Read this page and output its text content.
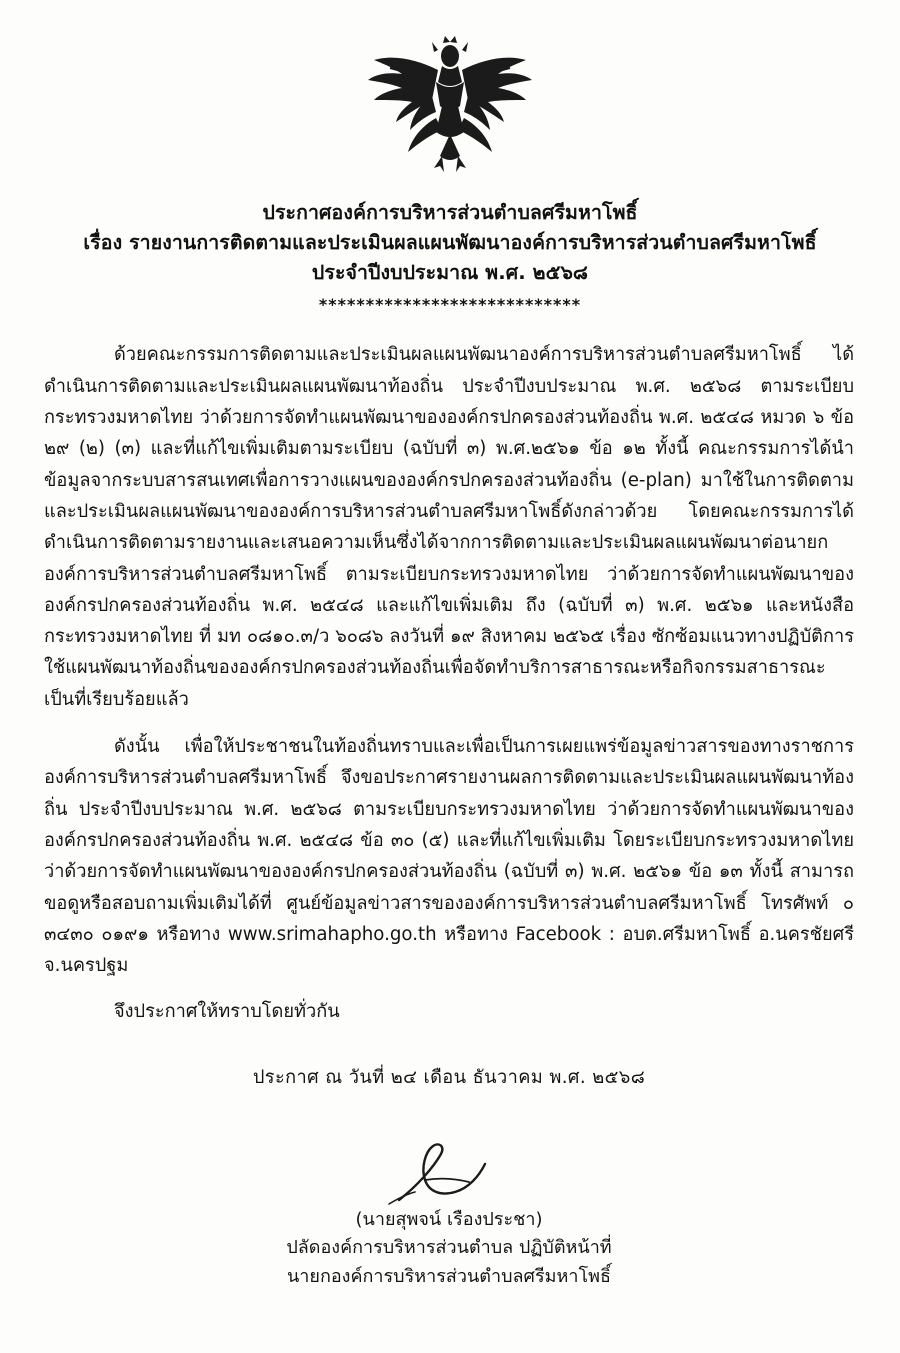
ประกาศองค์การบริหารส่วนตำบลศรีมหาโพธิ์
เรื่อง รายงานการติดตามและประเมินผลแผนพัฒนาองค์การบริหารส่วนตำบลศรีมหาโพธิ์
ประจำปีงบประมาณ พ.ศ. ๒๕๖๘
****************************

ด้วยคณะกรรมการติดตามและประเมินผลแผนพัฒนาองค์การบริหารส่วนตำบลศรีมหาโพธิ์ ได้ดำเนินการติดตามและประเมินผลแผนพัฒนาท้องถิ่น ประจำปีงบประมาณ พ.ศ. ๒๕๖๘ ตามระเบียบกระทรวงมหาดไทย ว่าด้วยการจัดทำแผนพัฒนาขององค์กรปกครองส่วนท้องถิ่น พ.ศ. ๒๕๔๘ หมวด ๖ ข้อ ๒๙ (๒) (๓) และที่แก้ไขเพิ่มเติมตามระเบียบ (ฉบับที่ ๓) พ.ศ.๒๕๖๑ ข้อ ๑๒ ทั้งนี้ คณะกรรมการได้นำข้อมูลจากระบบสารสนเทศเพื่อการวางแผนขององค์กรปกครองส่วนท้องถิ่น (e-plan) มาใช้ในการติดตามและประเมินผลแผนพัฒนาขององค์การบริหารส่วนตำบลศรีมหาโพธิ์ดังกล่าวด้วย โดยคณะกรรมการได้ดำเนินการติดตามรายงานและเสนอความเห็นซึ่งได้จากการติดตามและประเมินผลแผนพัฒนาต่อนายกองค์การบริหารส่วนตำบลศรีมหาโพธิ์ ตามระเบียบกระทรวงมหาดไทย ว่าด้วยการจัดทำแผนพัฒนาขององค์กรปกครองส่วนท้องถิ่น พ.ศ. ๒๕๔๘ และแก้ไขเพิ่มเติม ถึง (ฉบับที่ ๓) พ.ศ. ๒๕๖๑ และหนังสือกระทรวงมหาดไทย ที่ มท ๐๘๑๐.๓/ว ๖๐๘๖ ลงวันที่ ๑๙ สิงหาคม ๒๕๖๕ เรื่อง ซักซ้อมแนวทางปฏิบัติการใช้แผนพัฒนาท้องถิ่นขององค์กรปกครองส่วนท้องถิ่นเพื่อจัดทำบริการสาธารณะหรือกิจกรรมสาธารณะ เป็นที่เรียบร้อยแล้ว

ดังนั้น เพื่อให้ประชาชนในท้องถิ่นทราบและเพื่อเป็นการเผยแพร่ข้อมูลข่าวสารของทางราชการ องค์การบริหารส่วนตำบลศรีมหาโพธิ์ จึงขอประกาศรายงานผลการติดตามและประเมินผลแผนพัฒนาท้องถิ่น ประจำปีงบประมาณ พ.ศ. ๒๕๖๘ ตามระเบียบกระทรวงมหาดไทย ว่าด้วยการจัดทำแผนพัฒนาขององค์กรปกครองส่วนท้องถิ่น พ.ศ. ๒๕๔๘ ข้อ ๓๐ (๕) และที่แก้ไขเพิ่มเติม โดยระเบียบกระทรวงมหาดไทย ว่าด้วยการจัดทำแผนพัฒนาขององค์กรปกครองส่วนท้องถิ่น (ฉบับที่ ๓) พ.ศ. ๒๕๖๑ ข้อ ๑๓ ทั้งนี้ สามารถขอดูหรือสอบถามเพิ่มเติมได้ที่ ศูนย์ข้อมูลข่าวสารขององค์การบริหารส่วนตำบลศรีมหาโพธิ์ โทรศัพท์ ๐ ๓๔๓๐ ๐๑๙๑ หรือทาง www.srimahapho.go.th หรือทาง Facebook : อบต.ศรีมหาโพธิ์ อ.นครชัยศรี จ.นครปฐม

จึงประกาศให้ทราบโดยทั่วกัน

ประกาศ ณ วันที่ ๒๔ เดือน ธันวาคม พ.ศ. ๒๕๖๘
(นายสุพจน์ เรืองประชา)
ปลัดองค์การบริหารส่วนตำบล ปฏิบัติหน้าที่
นายกองค์การบริหารส่วนตำบลศรีมหาโพธิ์
